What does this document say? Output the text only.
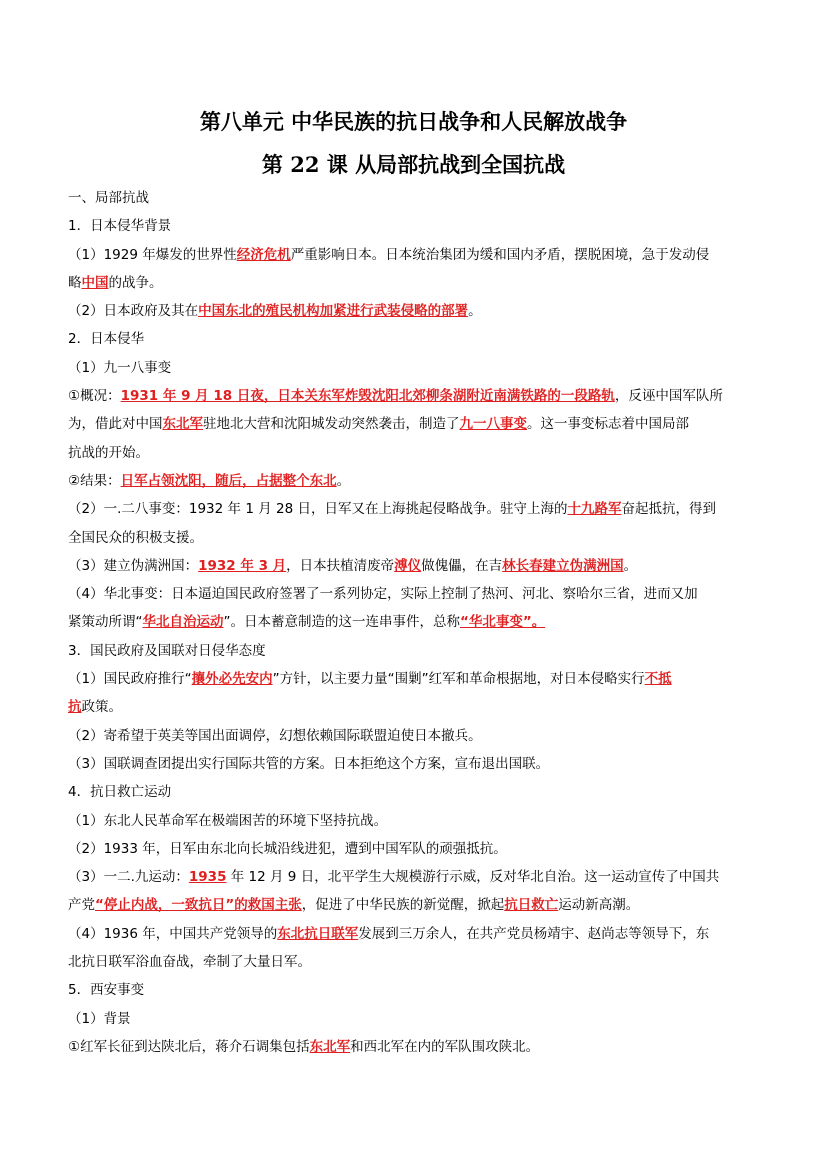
第八单元 中华民族的抗日战争和人民解放战争
第 22 课 从局部抗战到全国抗战
一、局部抗战
1．日本侵华背景
（1）1929 年爆发的世界性经济危机严重影响日本。日本统治集团为缓和国内矛盾，摆脱困境，急于发动侵
略中国的战争。
（2）日本政府及其在中国东北的殖民机构加紧进行武装侵略的部署。
2．日本侵华
（1）九一八事变
①概况：1931 年 9 月 18 日夜，日本关东军炸毁沈阳北郊柳条湖附近南满铁路的一段路轨，反诬中国军队所
为，借此对中国东北军驻地北大营和沈阳城发动突然袭击，制造了九一八事变。这一事变标志着中国局部
抗战的开始。
②结果：日军占领沈阳，随后，占据整个东北。
（2）一.二八事变：1932 年 1 月 28 日，日军又在上海挑起侵略战争。驻守上海的十九路军奋起抵抗，得到
全国民众的积极支援。
（3）建立伪满洲国：1932 年 3 月，日本扶植清废帝溥仪做傀儡，在吉林长春建立伪满洲国。
（4）华北事变：日本逼迫国民政府签署了一系列协定，实际上控制了热河、河北、察哈尔三省，进而又加
紧策动所谓“华北自治运动”。日本蓄意制造的这一连串事件，总称“华北事变”。
3．国民政府及国联对日侵华态度
（1）国民政府推行“攘外必先安内”方针，以主要力量“围剿”红军和革命根据地，对日本侵略实行不抵
抗政策。
（2）寄希望于英美等国出面调停，幻想依赖国际联盟迫使日本撤兵。
（3）国联调查团提出实行国际共管的方案。日本拒绝这个方案，宣布退出国联。
4．抗日救亡运动
（1）东北人民革命军在极端困苦的环境下坚持抗战。
（2）1933 年，日军由东北向长城沿线进犯，遭到中国军队的顽强抵抗。
（3）一二.九运动：1935 年 12 月 9 日，北平学生大规模游行示威，反对华北自治。这一运动宣传了中国共
产党“停止内战，一致抗日”的救国主张，促进了中华民族的新觉醒，掀起抗日救亡运动新高潮。
（4）1936 年，中国共产党领导的东北抗日联军发展到三万余人，在共产党员杨靖宇、赵尚志等领导下，东
北抗日联军浴血奋战，牵制了大量日军。
5．西安事变
（1）背景
①红军长征到达陕北后，蒋介石调集包括东北军和西北军在内的军队围攻陕北。
